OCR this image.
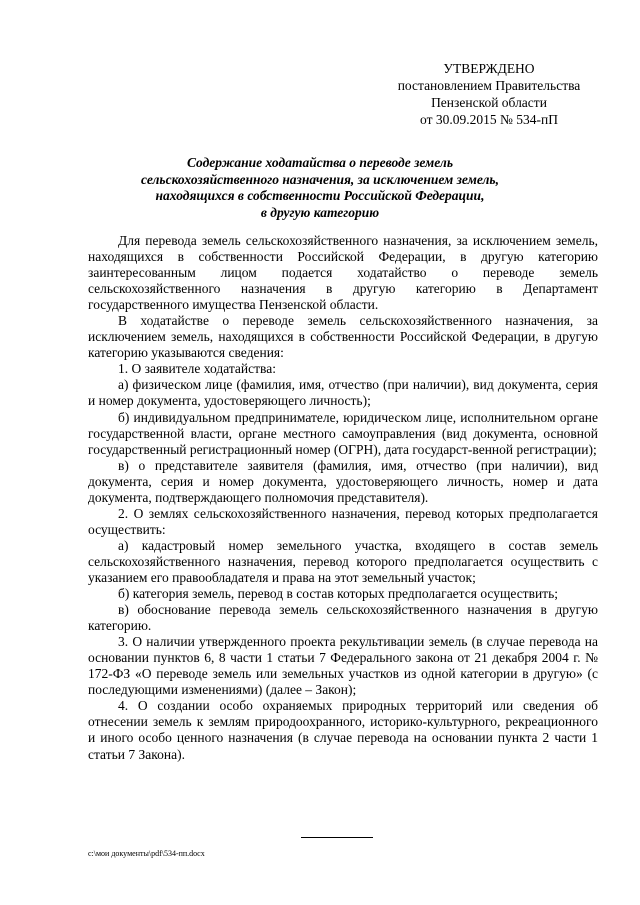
УТВЕРЖДЕНО
постановлением Правительства
Пензенской области
от 30.09.2015 № 534-пП
Содержание ходатайства о переводе земель
сельскохозяйственного назначения, за исключением земель,
находящихся в собственности Российской Федерации,
в другую категорию

Для перевода земель сельскохозяйственного назначения, за исключением земель, находящихся в собственности Российской Федерации, в другую категорию заинтересованным лицом подается ходатайство о переводе земель сельскохозяйственного назначения в другую категорию в Департамент государственного имущества Пензенской области.

В ходатайстве о переводе земель сельскохозяйственного назначения, за исключением земель, находящихся в собственности Российской Федерации, в другую категорию указываются сведения:

1. О заявителе ходатайства:

а) физическом лице (фамилия, имя, отчество (при наличии), вид документа, серия и номер документа, удостоверяющего личность);

б) индивидуальном предпринимателе, юридическом лице, исполнительном органе государственной власти, органе местного самоуправления (вид документа, основной государственный регистрационный номер (ОГРН), дата государст-венной регистрации);

в) о представителе заявителя (фамилия, имя, отчество (при наличии), вид документа, серия и номер документа, удостоверяющего личность, номер и дата документа, подтверждающего полномочия представителя).

2. О землях сельскохозяйственного назначения, перевод которых предполагается осуществить:

а) кадастровый номер земельного участка, входящего в состав земель сельскохозяйственного назначения, перевод которого предполагается осуществить с указанием его правообладателя и права на этот земельный участок;

б) категория земель, перевод в состав которых предполагается осуществить;

в) обоснование перевода земель сельскохозяйственного назначения в другую категорию.

3. О наличии утвержденного проекта рекультивации земель (в случае перевода на основании пунктов 6, 8 части 1 статьи 7 Федерального закона от 21 декабря 2004 г. № 172-ФЗ «О переводе земель или земельных участков из одной категории в другую» (с последующими изменениями) (далее – Закон);

4. О создании особо охраняемых природных территорий или сведения об отнесении земель к землям природоохранного, историко-культурного, рекреационного и иного особо ценного назначения (в случае перевода на основании пункта 2 части 1 статьи 7 Закона).

c:\мои документы\pdf\534-пп.docx
